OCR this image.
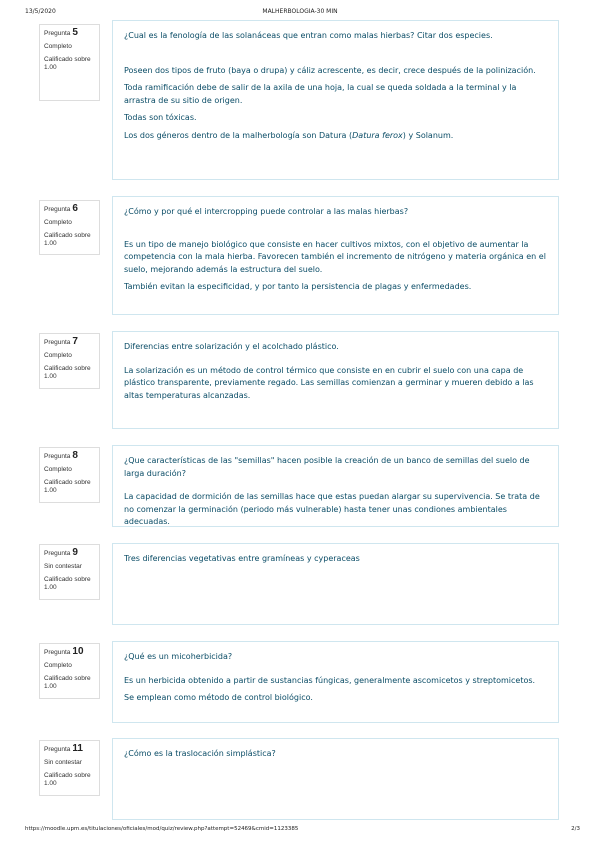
13/5/2020	MALHERBOLOGIA-30 MIN
Pregunta 5
Completo
Calificado sobre
1.00
¿Cual es la fenología de las solanáceas que entran como malas hierbas? Citar dos especies.

Poseen dos tipos de fruto (baya o drupa) y cáliz acrescente, es decir, crece después de la polinización.

Toda ramificación debe de salir de la axila de una hoja, la cual se queda soldada a la terminal y la arrastra de su sitio de origen.

Todas son tóxicas.

Los dos géneros dentro de la malherbología son Datura (Datura ferox) y Solanum.

Pregunta 6
Completo
Calificado sobre
1.00
¿Cómo y por qué el intercropping puede controlar a las malas hierbas?

Es un tipo de manejo biológico que consiste en hacer cultivos mixtos, con el objetivo de aumentar la competencia con la mala hierba. Favorecen también el incremento de nitrógeno y materia orgánica en el suelo, mejorando además la estructura del suelo.

También evitan la especificidad, y por tanto la persistencia de plagas y enfermedades.

Pregunta 7
Completo
Calificado sobre
1.00
Diferencias entre solarización y el acolchado plástico.

La solarización es un método de control térmico que consiste en en cubrir el suelo con una capa de plástico transparente, previamente regado. Las semillas comienzan a germinar y mueren debido a las altas temperaturas alcanzadas.

Pregunta 8
Completo
Calificado sobre
1.00
¿Que características de las "semillas" hacen posible la creación de un banco de semillas del suelo de larga duración?

La capacidad de dormición de las semillas hace que estas puedan alargar su supervivencia. Se trata de no comenzar la germinación (periodo más vulnerable) hasta tener unas condiones ambientales adecuadas.

Pregunta 9
Sin contestar
Calificado sobre
1.00
Tres diferencias vegetativas entre gramíneas y cyperaceas
Pregunta 10
Completo
Calificado sobre
1.00
¿Qué es un micoherbicida?

Es un herbicida obtenido a partir de sustancias fúngicas, generalmente ascomicetos y streptomicetos.

Se emplean como método de control biológico.

Pregunta 11
Sin contestar
Calificado sobre
1.00
¿Cómo es la traslocación simplástica?
https://moodle.upm.es/titulaciones/oficiales/mod/quiz/review.php?attempt=52469&cmid=1123385	2/3
